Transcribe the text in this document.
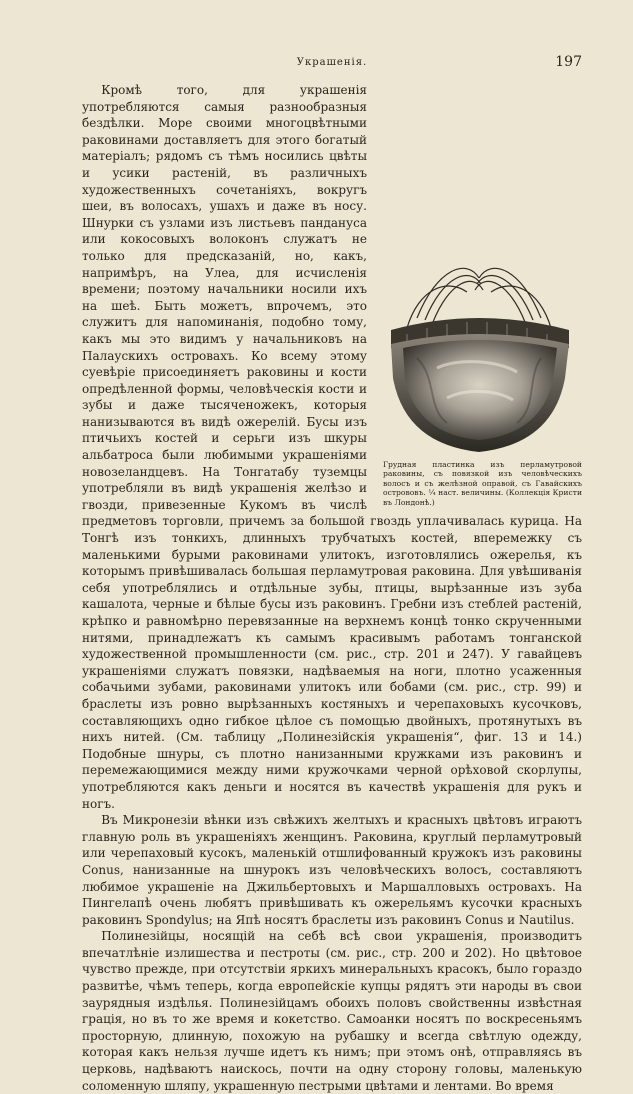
Украшенія.	197
Грудная пластинка изъ перламутровой раковины, съ повязкой изъ человѣческихъ волосъ и съ желѣзной оправой, съ Гавайскихъ острововъ. ¼ наст. величины. (Коллекція Кристи въ Лондонѣ.)

Кромѣ того, для украшенія употребляются самыя разнообразныя бездѣлки. Море своими многоцвѣтными раковинами доставляетъ для этого богатый матеріалъ; рядомъ съ тѣмъ носились цвѣты и усики растеній, въ различныхъ художественныхъ сочетаніяхъ, вокругъ шеи, въ волосахъ, ушахъ и даже въ носу. Шнурки съ узлами изъ листьевъ пандануса или кокосовыхъ волоконъ служатъ не только для предсказаній, но, какъ, напримѣръ, на Улеа, для исчисленія времени; поэтому начальники носили ихъ на шеѣ. Быть можетъ, впрочемъ, это служитъ для напоминанія, подобно тому, какъ мы это видимъ у начальниковъ на Палаускихъ островахъ. Ко всему этому суевѣріе присоединяетъ раковины и кости опредѣленной формы, человѣческія кости и зубы и даже тысяченожекъ, которыя нанизываются въ видѣ ожерелій. Бусы изъ птичьихъ костей и серьги изъ шкуры альбатроса были любимыми украшеніями новозеландцевъ. На Тонгатабу туземцы употребляли въ видѣ украшенія желѣзо и гвозди, привезенные Кукомъ въ числѣ предметовъ торговли, причемъ за большой гвоздь уплачивалась курица. На Тонгѣ изъ тонкихъ, длинныхъ трубчатыхъ костей, вперемежку съ маленькими бурыми раковинами улитокъ, изготовлялись ожерелья, къ которымъ привѣшивалась большая перламутровая раковина. Для увѣшиванія себя употреблялись и отдѣльные зубы, птицы, вырѣзанные изъ зуба кашалота, черные и бѣлые бусы изъ раковинъ. Гребни изъ стеблей растеній, крѣпко и равномѣрно перевязанные на верхнемъ концѣ тонко скрученными нитями, принадлежатъ къ самымъ красивымъ работамъ тонганской художественной промышленности (см. рис., стр. 201 и 247). У гавайцевъ украшеніями служатъ повязки, надѣваемыя на ноги, плотно усаженныя собачьими зубами, раковинами улитокъ или бобами (см. рис., стр. 99) и браслеты изъ ровно вырѣзанныхъ костяныхъ и черепаховыхъ кусочковъ, составляющихъ одно гибкое цѣлое съ помощью двойныхъ, протянутыхъ въ нихъ нитей. (См. таблицу „Полинезійскія украшенія“, фиг. 13 и 14.) Подобные шнуры, съ плотно нанизанными кружками изъ раковинъ и перемежающимися между ними кружочками черной орѣховой скорлупы, употребляются какъ деньги и носятся въ качествѣ украшенія для рукъ и ногъ.

Въ Микронезіи вѣнки изъ свѣжихъ желтыхъ и красныхъ цвѣтовъ играютъ главную роль въ украшеніяхъ женщинъ. Раковина, круглый перламутровый или черепаховый кусокъ, маленькій отшлифованный кружокъ изъ раковины Conus, нанизанные на шнурокъ изъ человѣческихъ волосъ, составляютъ любимое украшеніе на Джильбертовыхъ и Маршалловыхъ островахъ. На Пингелапѣ очень любятъ привѣшивать къ ожерельямъ кусочки красныхъ раковинъ Spondylus; на Япѣ носятъ браслеты изъ раковинъ Conus и Nautilus.

Полинезійцы, носящій на себѣ всѣ свои украшенія, производитъ впечатлѣніе излишества и пестроты (см. рис., стр. 200 и 202). Но цвѣтовое чувство прежде, при отсутствіи яркихъ минеральныхъ красокъ, было гораздо развитѣе, чѣмъ теперь, когда европейскіе купцы рядятъ эти народы въ свои заурядныя издѣлья. Полинезійцамъ обоихъ половъ свойственны извѣстная грація, но въ то же время и кокетство. Самоанки носятъ по воскресеньямъ просторную, длинную, похожую на рубашку и всегда свѣтлую одежду, которая какъ нельзя лучше идетъ къ нимъ; при этомъ онѣ, отправляясь въ церковь, надѣваютъ наискось, почти на одну сторону головы, маленькую соломенную шляпу, украшенную пестрыми цвѣтами и лентами. Во время
